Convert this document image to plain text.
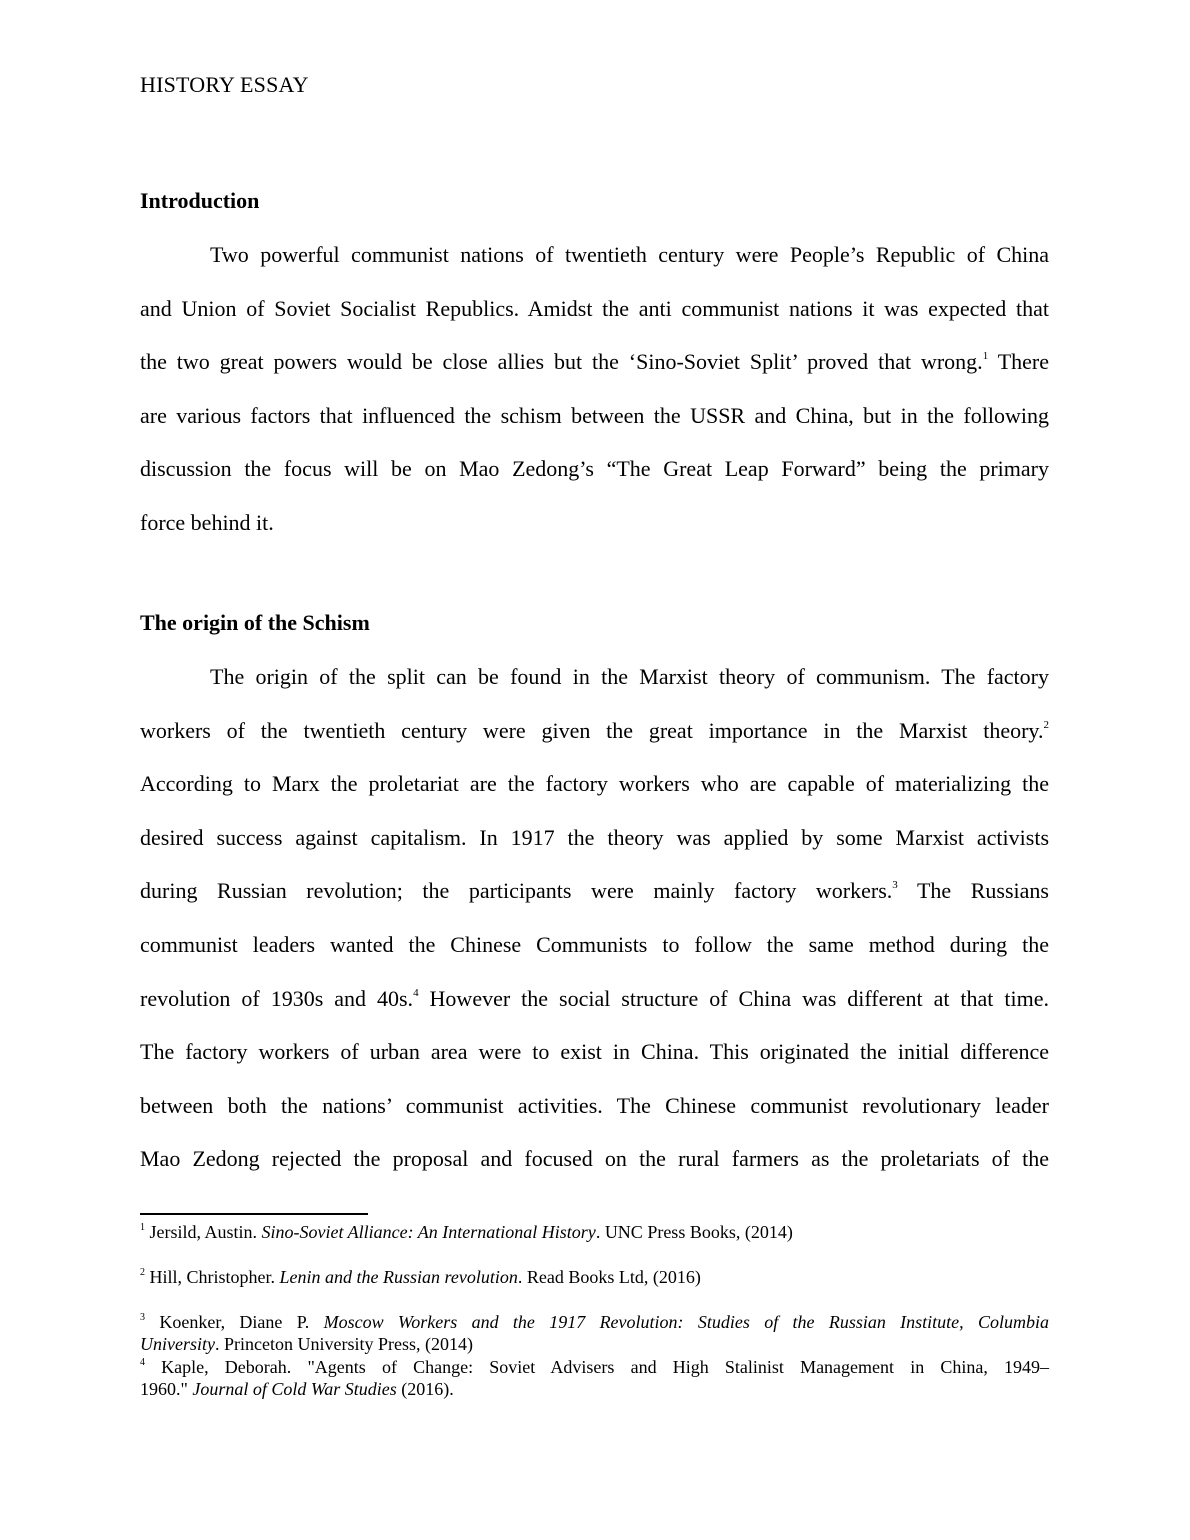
HISTORY ESSAY
Introduction
Two powerful communist nations of twentieth century were People’s Republic of China
and Union of Soviet Socialist Republics. Amidst the anti communist nations it was expected that
the two great powers would be close allies but the ‘Sino-Soviet Split’ proved that wrong.$^1$ There
are various factors that influenced the schism between the USSR and China, but in the following
discussion the focus will be on Mao Zedong’s “The Great Leap Forward” being the primary
force behind it.
The origin of the Schism
The origin of the split can be found in the Marxist theory of communism. The factory
workers of the twentieth century were given the great importance in the Marxist theory.$^2$
According to Marx the proletariat are the factory workers who are capable of materializing the
desired success against capitalism. In 1917 the theory was applied by some Marxist activists
during Russian revolution; the participants were mainly factory workers.$^3$ The Russians
communist leaders wanted the Chinese Communists to follow the same method during the
revolution of 1930s and 40s.$^4$ However the social structure of China was different at that time.
The factory workers of urban area were to exist in China. This originated the initial difference
between both the nations’ communist activities. The Chinese communist revolutionary leader
Mao Zedong rejected the proposal and focused on the rural farmers as the proletariats of the
$^1$ Jersild, Austin. Sino-Soviet Alliance: An International History. UNC Press Books, (2014)
$^2$ Hill, Christopher. Lenin and the Russian revolution. Read Books Ltd, (2016)
$^3$ Koenker, Diane P. Moscow Workers and the 1917 Revolution: Studies of the Russian Institute, Columbia
University. Princeton University Press, (2014)
$^4$ Kaple, Deborah. "Agents of Change: Soviet Advisers and High Stalinist Management in China, 1949–
1960." Journal of Cold War Studies (2016).
